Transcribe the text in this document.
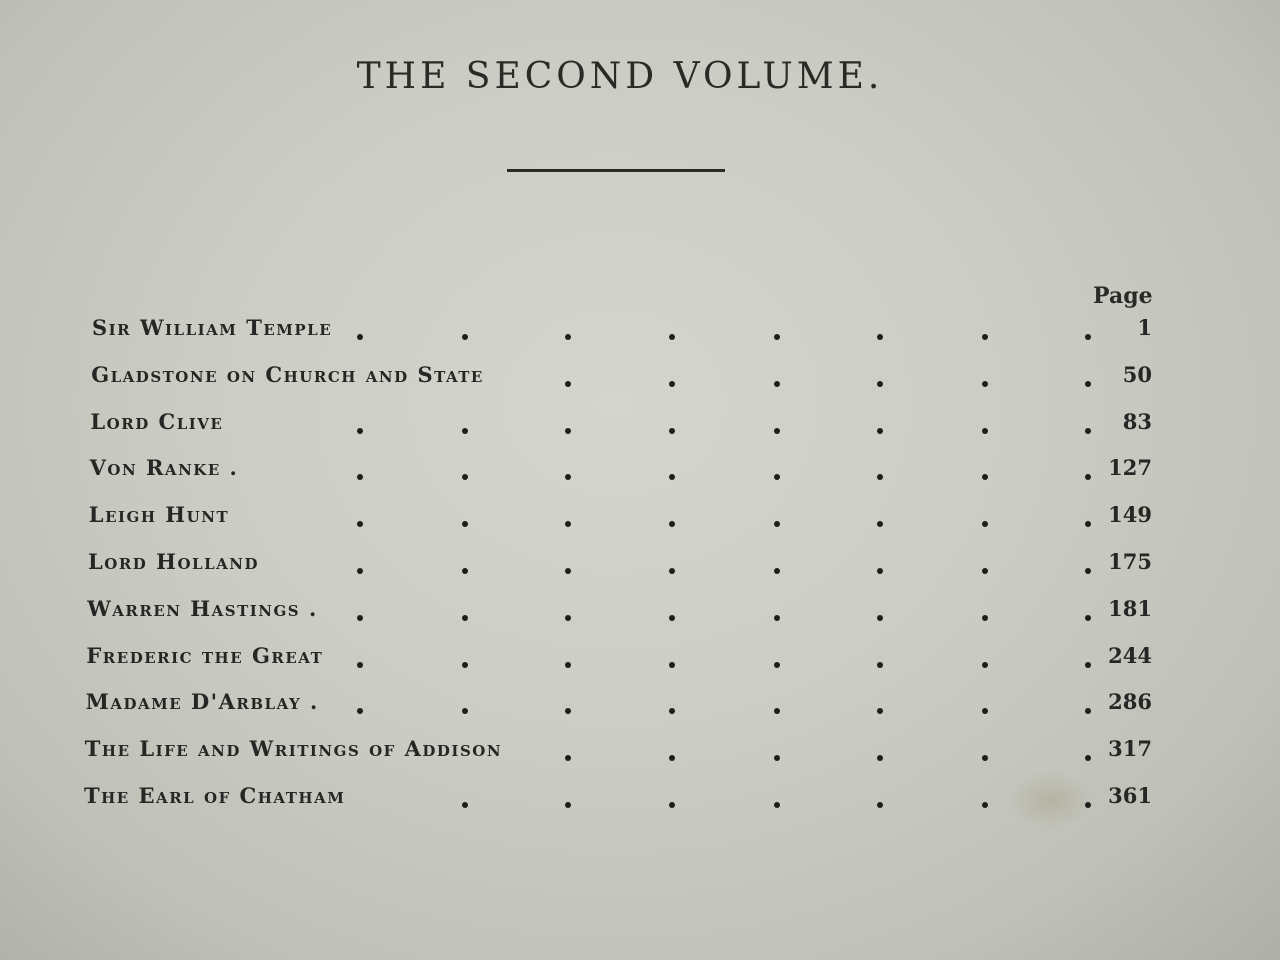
THE SECOND VOLUME.
Page
Sir William Temple	1
Gladstone on Church and State	50
Lord Clive	83
Von Ranke .	127
Leigh Hunt	149
Lord Holland	175
Warren Hastings .	181
Frederic the Great	244
Madame D'Arblay .	286
The Life and Writings of Addison	317
The Earl of Chatham	361
